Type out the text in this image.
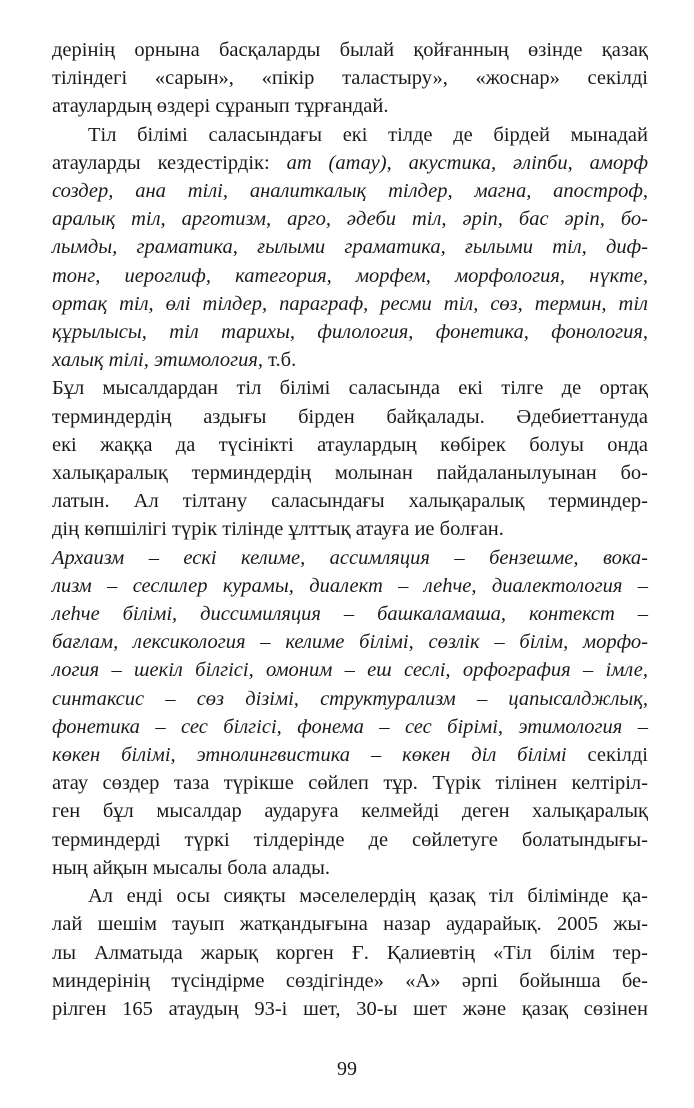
дерінің орнына басқаларды былай қойғанның өзінде қазақ
тіліндегі «сарын», «пікір таластыру», «жоснар» секілді
атаулардың өздері сұранып тұрғандай.

Тіл білімі саласындағы екі тілде де бірдей мынадай
атауларды кездестірдік: ат (атау), акустика, әліпби, аморф
создер, ана тілі, аналиткалық тілдер, магна, апостроф,
аралық тіл, арготизм, арго, әдеби тіл, әріп, бас әріп, бо-
лымды, граматика, ғылыми граматика, ғылыми тіл, диф-
тонг, иероглиф, категория, морфем, морфология, нүкте,
ортақ тіл, өлі тілдер, параграф, ресми тіл, сөз, термин, тіл
құрылысы, тіл тарихы, филология, фонетика, фонология,
халық тілі, этимология, т.б.

Бұл мысалдардан тіл білімі саласында екі тілге де ортақ
терминдердің аздығы бірден байқалады. Әдебиеттануда
екі жаққа да түсінікті атаулардың көбірек болуы онда
халықаралық терминдердің молынан пайдаланылуынан бо-
латын. Ал тілтану саласындағы халықаралық терминдер-
дің көпшілігі түрік тілінде ұлттық атауға ие болған.

Архаизм – ескі келиме, ассимляция – бензешме, вока-
лизм – сеслилер курамы, диалект – леһче, диалектология –
леһче білімі, диссимиляция – башкаламаша, контекст –
бағлам, лексикология – келиме білімі, сөзлік – білім, морфо-
логия – шекіл білгісі, омоним – еш сеслі, орфография – імле,
синтаксис – сөз дізімі, структурализм – цапысалджлық,
фонетика – сес білгісі, фонема – сес бірімі, этимология –
көкен білімі, этнолингвистика – көкен діл білімі секілді
атау сөздер таза түрікше сөйлеп тұр. Түрік тілінен келтіріл-
ген бұл мысалдар аударуға келмейді деген халықаралық
терминдерді түркі тілдерінде де сөйлетуге болатындығы-
ның айқын мысалы бола алады.

Ал енді осы сияқты мәселелердің қазақ тіл білімінде қа-
лай шешім тауып жатқандығына назар аударайық. 2005 жы-
лы Алматыда жарық корген Ғ. Қалиевтің «Тіл білім тер-
миндерінің түсіндірме сөздігінде» «А» әрпі бойынша бе-
рілген 165 атаудың 93-і шет, 30-ы шет және қазақ сөзінен

99
